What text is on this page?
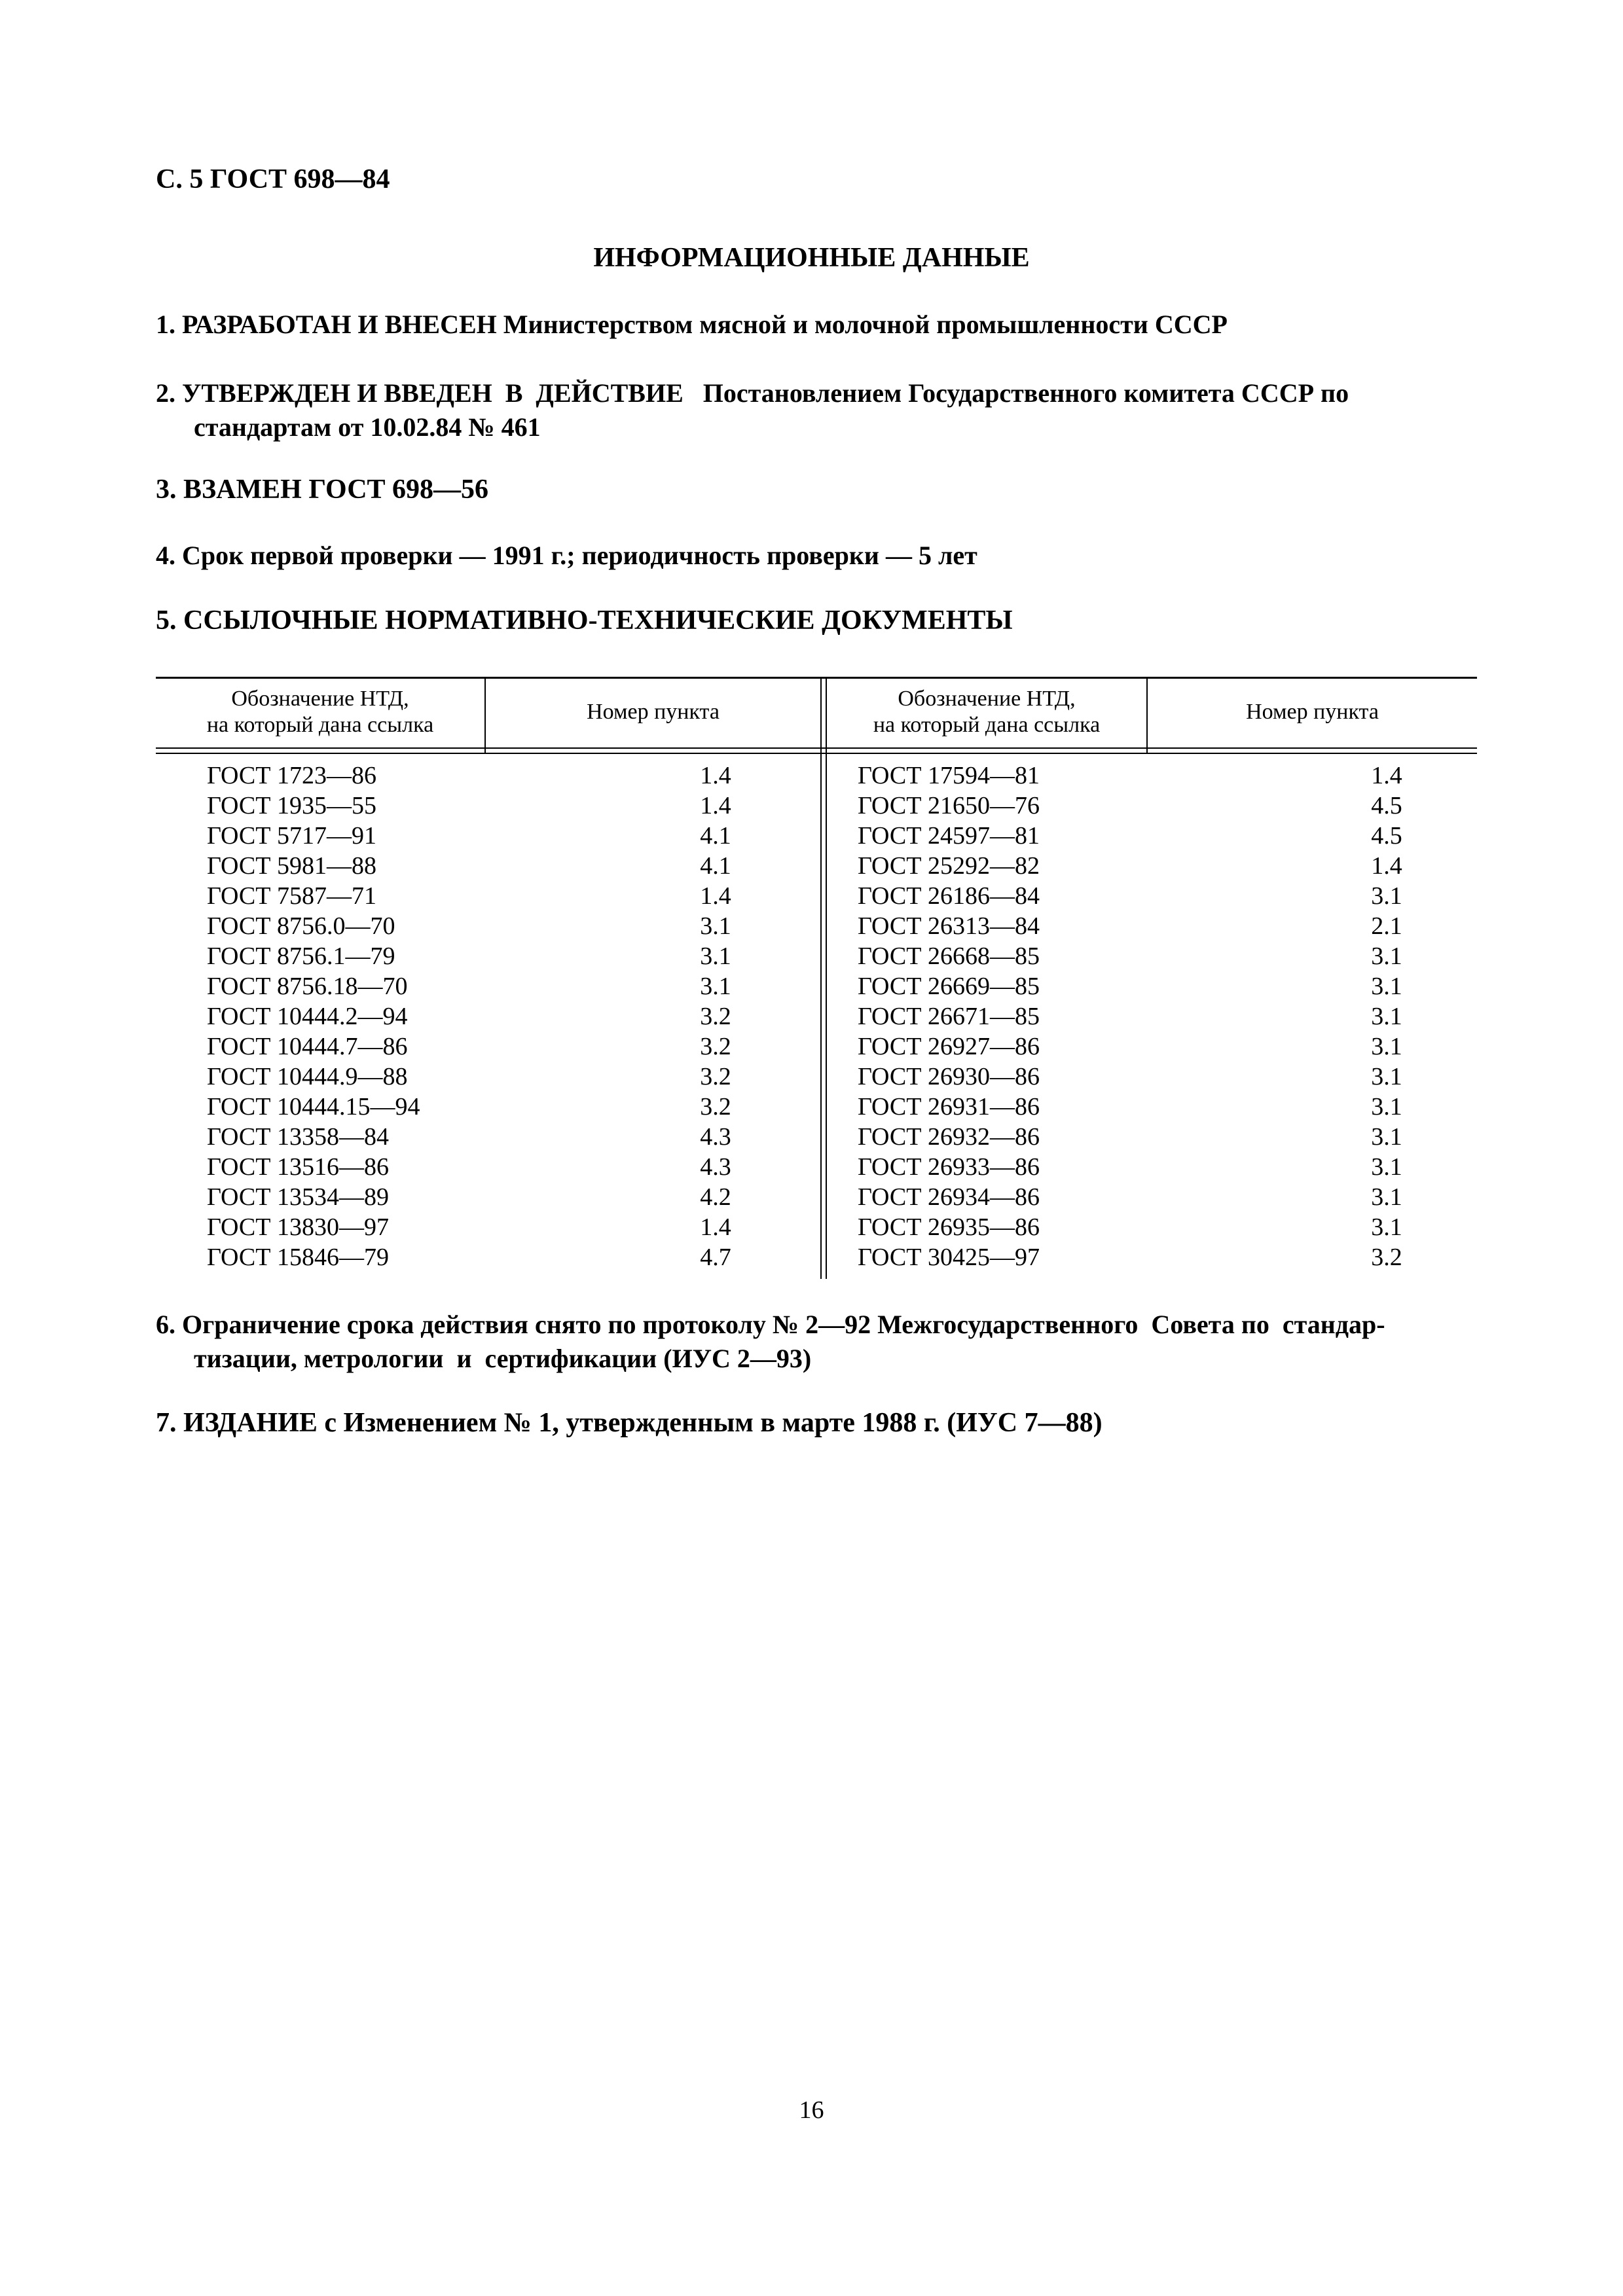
С. 5 ГОСТ 698—84
ИНФОРМАЦИОННЫЕ ДАННЫЕ
1. РАЗРАБОТАН И ВНЕСЕН Министерством мясной и молочной промышленности СССР
2. УТВЕРЖДЕН И ВВЕДЕН  В  ДЕЙСТВИЕ   Постановлением Государственного комитета СССР по
стандартам от 10.02.84 № 461
3. ВЗАМЕН ГОСТ 698—56
4. Срок первой проверки — 1991 г.; периодичность проверки — 5 лет
5. ССЫЛОЧНЫЕ НОРМАТИВНО-ТЕХНИЧЕСКИЕ ДОКУМЕНТЫ
Обозначение НТД,
на который дана ссылка
Номер пункта
Обозначение НТД,
на который дана ссылка
Номер пункта
ГОСТ 1723—86
ГОСТ 1935—55
ГОСТ 5717—91
ГОСТ 5981—88
ГОСТ 7587—71
ГОСТ 8756.0—70
ГОСТ 8756.1—79
ГОСТ 8756.18—70
ГОСТ 10444.2—94
ГОСТ 10444.7—86
ГОСТ 10444.9—88
ГОСТ 10444.15—94
ГОСТ 13358—84
ГОСТ 13516—86
ГОСТ 13534—89
ГОСТ 13830—97
ГОСТ 15846—79
1.4
1.4
4.1
4.1
1.4
3.1
3.1
3.1
3.2
3.2
3.2
3.2
4.3
4.3
4.2
1.4
4.7
ГОСТ 17594—81
ГОСТ 21650—76
ГОСТ 24597—81
ГОСТ 25292—82
ГОСТ 26186—84
ГОСТ 26313—84
ГОСТ 26668—85
ГОСТ 26669—85
ГОСТ 26671—85
ГОСТ 26927—86
ГОСТ 26930—86
ГОСТ 26931—86
ГОСТ 26932—86
ГОСТ 26933—86
ГОСТ 26934—86
ГОСТ 26935—86
ГОСТ 30425—97
1.4
4.5
4.5
1.4
3.1
2.1
3.1
3.1
3.1
3.1
3.1
3.1
3.1
3.1
3.1
3.1
3.2
6. Ограничение срока действия снято по протоколу № 2—92 Межгосударственного  Совета по  стандар-
тизации, метрологии  и  сертификации (ИУС 2—93)
7. ИЗДАНИЕ с Изменением № 1, утвержденным в марте 1988 г. (ИУС 7—88)
16
